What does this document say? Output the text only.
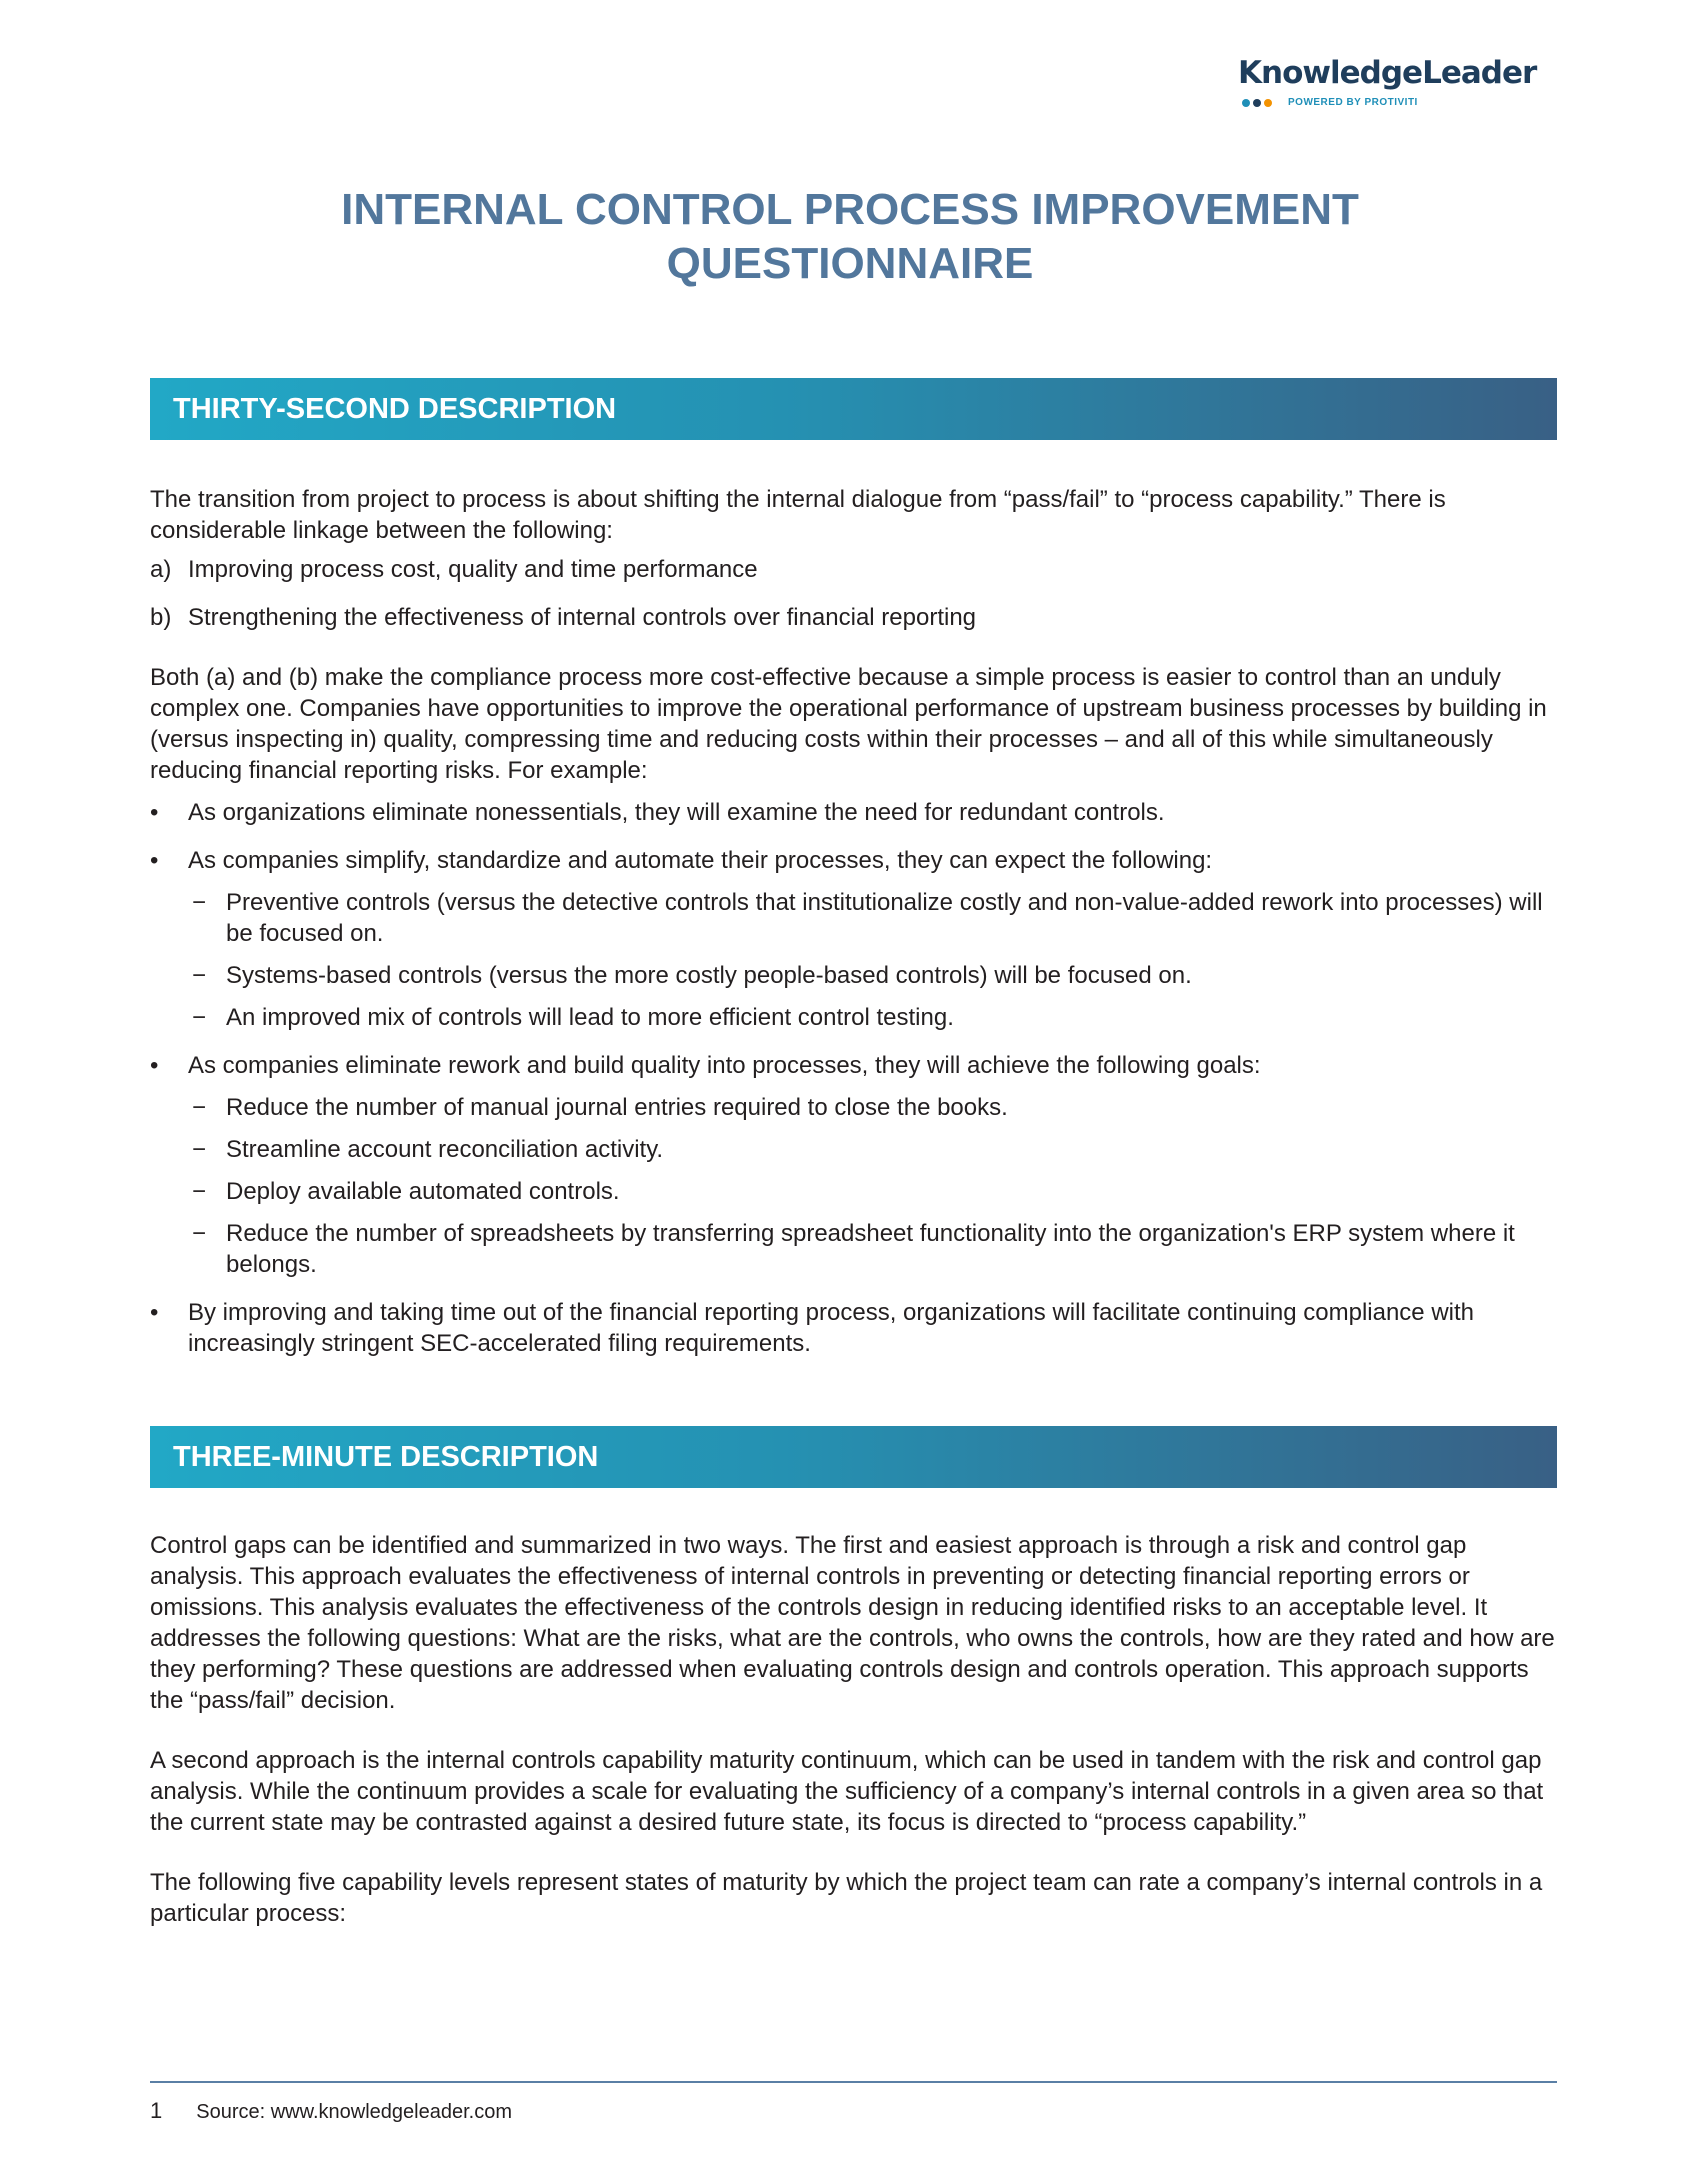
KnowledgeLeader
POWERED BY PROTIVITI
INTERNAL CONTROL PROCESS IMPROVEMENT
QUESTIONNAIRE
THIRTY-SECOND DESCRIPTION

The transition from project to process is about shifting the internal dialogue from “pass/fail” to “process capability.” There is considerable linkage between the following:

a) Improving process cost, quality and time performance

b) Strengthening the effectiveness of internal controls over financial reporting

Both (a) and (b) make the compliance process more cost-effective because a simple process is easier to control than an unduly complex one. Companies have opportunities to improve the operational performance of upstream business processes by building in (versus inspecting in) quality, compressing time and reducing costs within their processes – and all of this while simultaneously reducing financial reporting risks. For example:

• As organizations eliminate nonessentials, they will examine the need for redundant controls.

• As companies simplify, standardize and automate their processes, they can expect the following:

− Preventive controls (versus the detective controls that institutionalize costly and non-value-added rework into processes) will be focused on.

− Systems-based controls (versus the more costly people-based controls) will be focused on.

− An improved mix of controls will lead to more efficient control testing.

• As companies eliminate rework and build quality into processes, they will achieve the following goals:

− Reduce the number of manual journal entries required to close the books.

− Streamline account reconciliation activity.

− Deploy available automated controls.

− Reduce the number of spreadsheets by transferring spreadsheet functionality into the organization's ERP system where it belongs.

• By improving and taking time out of the financial reporting process, organizations will facilitate continuing compliance with increasingly stringent SEC-accelerated filing requirements.

THREE-MINUTE DESCRIPTION

Control gaps can be identified and summarized in two ways. The first and easiest approach is through a risk and control gap analysis. This approach evaluates the effectiveness of internal controls in preventing or detecting financial reporting errors or omissions. This analysis evaluates the effectiveness of the controls design in reducing identified risks to an acceptable level. It addresses the following questions: What are the risks, what are the controls, who owns the controls, how are they rated and how are they performing? These questions are addressed when evaluating controls design and controls operation. This approach supports the “pass/fail” decision.

A second approach is the internal controls capability maturity continuum, which can be used in tandem with the risk and control gap analysis. While the continuum provides a scale for evaluating the sufficiency of a company’s internal controls in a given area so that the current state may be contrasted against a desired future state, its focus is directed to “process capability.”

The following five capability levels represent states of maturity by which the project team can rate a company’s internal controls in a particular process:

1 Source: www.knowledgeleader.com
